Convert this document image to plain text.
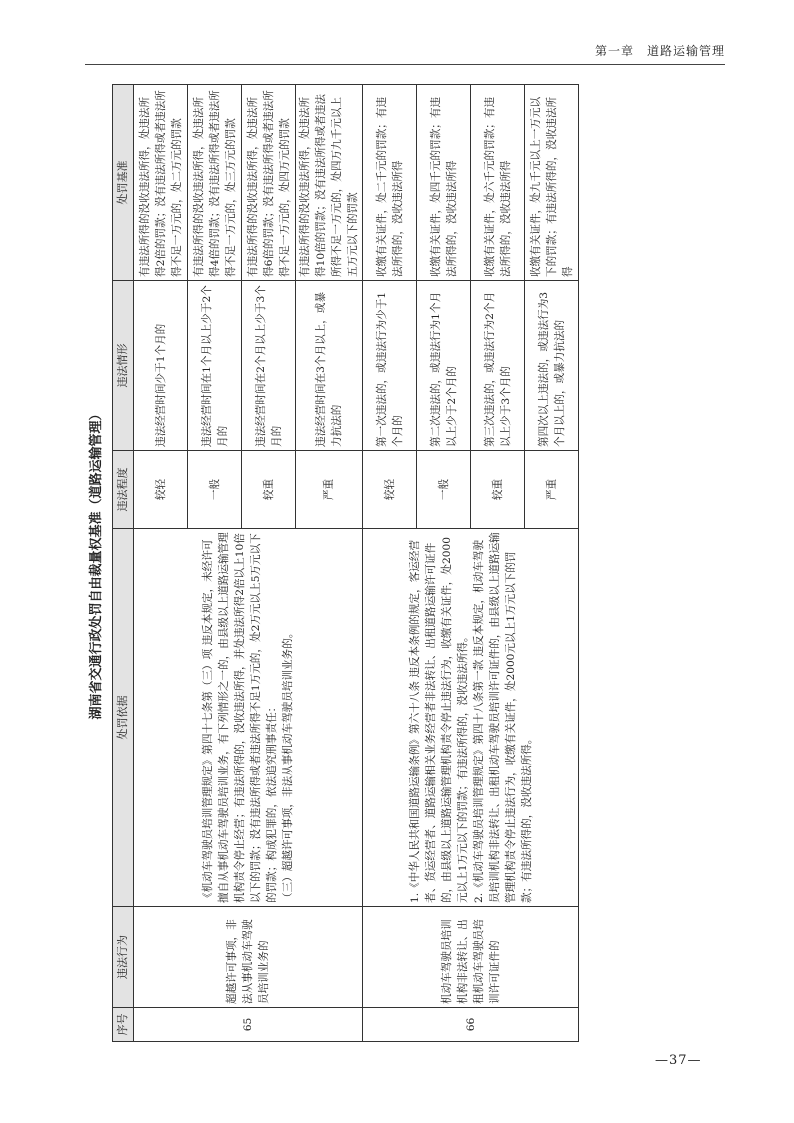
第一章　道路运输管理
湖南省交通行政处罚自由裁量权基准（道路运输管理）
序号	违法行为	处罚依据	违法程度	违法情形	处罚基准
65	超越许可事项，非法从事机动车驾驶员培训业务的	《机动车驾驶员培训管理规定》第四十七条第（三）项 违反本规定，未经许可擅自从事机动车驾驶员培训业务，有下列情形之一的，由县级以上道路运输管理机构责令停止经营；有违法所得的，没收违法所得，并处违法所得2倍以上10倍以下的罚款；没有违法所得或者违法所得不足1万元的，处2万元以上5万元以下的罚款；构成犯罪的，依法追究刑事责任： （三）超越许可事项，非法从事机动车驾驶员培训业务的。	较轻	违法经营时间少于1个月的	有违法所得的没收违法所得，处违法所得2倍的罚款；没有违法所得或者违法所得不足一万元的，处二万元的罚款
			一般	违法经营时间在1个月以上少于2个月的	有违法所得的没收违法所得，处违法所得4倍的罚款；没有违法所得或者违法所得不足一万元的，处三万元的罚款
			较重	违法经营时间在2个月以上少于3个月的	有违法所得的没收违法所得，处违法所得6倍的罚款；没有违法所得或者违法所得不足一万元的，处四万元的罚款
			严重	违法经营时间在3个月以上，或暴力抗法的	有违法所得的没收违法所得，处违法所得10倍的罚款；没有违法所得或者违法所得不足一万元的，处四万九千元以上五万元以下的罚款
66	机动车驾驶员培训机构非法转让、出租机动车驾驶员培训许可证件的	1.《中华人民共和国道路运输条例》第六十八条 违反本条例的规定，客运经营者、货运经营者、道路运输相关业务经营者非法转让、出租道路运输许可证件的，由县级以上道路运输管理机构责令停止违法行为，收缴有关证件，处2000元以上1万元以下的罚款；有违法所得的，没收违法所得。 2.《机动车驾驶员培训管理规定》第四十八条第一款 违反本规定，机动车驾驶员培训机构非法转让、出租机动车驾驶员培训许可证件的，由县级以上道路运输管理机构责令停止违法行为，收缴有关证件，处2000元以上1万元以下的罚款；有违法所得的，没收违法所得。	较轻	第一次违法的，或违法行为少于1个月的	收缴有关证件，处二千元的罚款；有违法所得的，没收违法所得
			一般	第二次违法的，或违法行为1个月以上少于2个月的	收缴有关证件，处四千元的罚款；有违法所得的，没收违法所得
			较重	第三次违法的，或违法行为2个月以上少于3个月的	收缴有关证件，处六千元的罚款；有违法所得的，没收违法所得
			严重	第四次以上违法的，或违法行为3个月以上的，或暴力抗法的	收缴有关证件，处九千元以上一万元以下的罚款；有违法所得的，没收违法所得
—37—
